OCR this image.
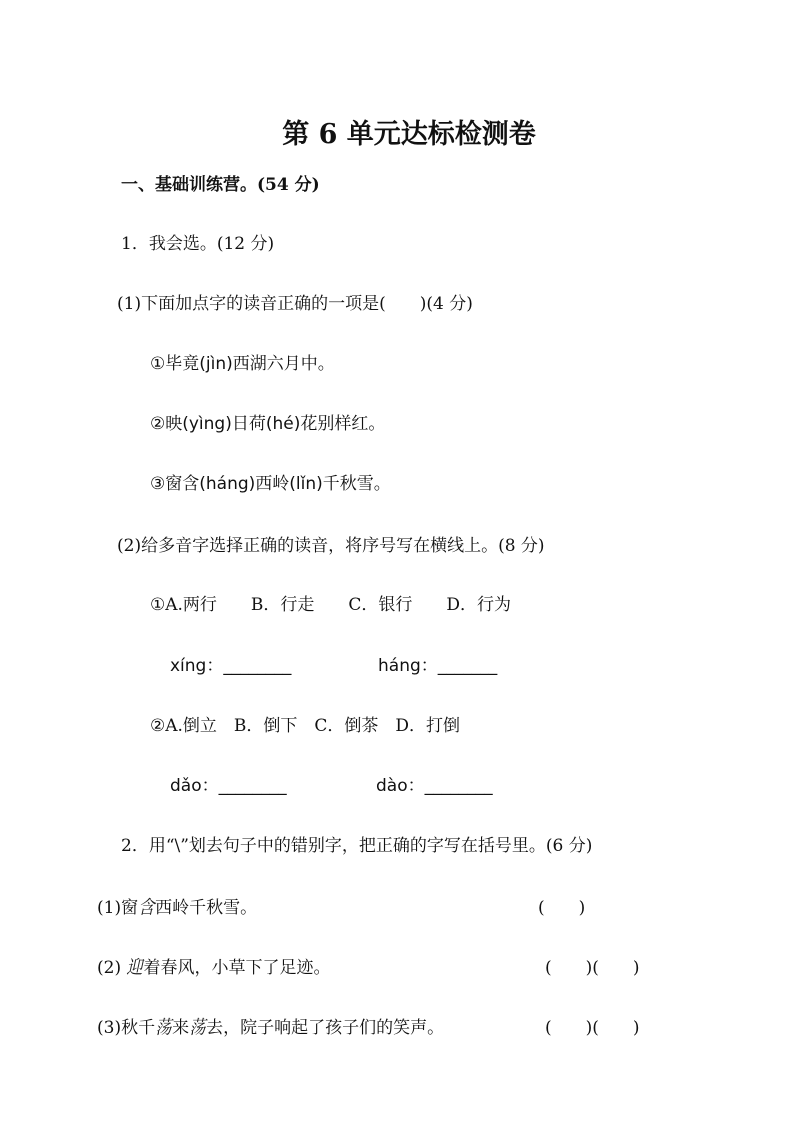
第 6 单元达标检测卷
一、基础训练营。(54 分)
1．我会选。(12 分)
(1)下面加点字的读音正确的一项是(　　)(4 分)
①毕竟(jìn)西湖六月中。
②映(yìng)日荷(hé)花别样红。
③窗含(háng)西岭(lǐn)千秋雪。
(2)给多音字选择正确的读音，将序号写在横线上。(8 分)
①A.两行　　B．行走　　C．银行　　D．行为
xíng：________	háng：_______
②A.倒立　B．倒下　C．倒茶　D．打倒
dǎo：________	dào：________
2．用“\”划去句子中的错别字，把正确的字写在括号里。(6 分)
(1)窗含西岭千秋雪。	(　　)
(2) 迎着春风，小草下了足迹。	(　　)(　　)
(3)秋千荡来荡去，院子响起了孩子们的笑声。	(　　)(　　)
